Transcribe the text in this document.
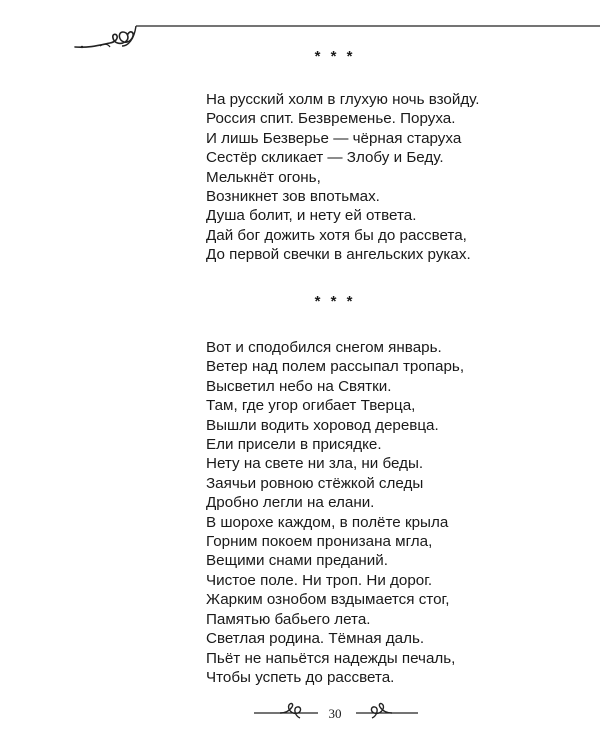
* * *
На русский холм в глухую ночь взойду.
Россия спит. Безвременье. Поруха.
И лишь Безверье — чёрная старуха
Сестёр скликает — Злобу и Беду.
Мелькнёт огонь,
Возникнет зов впотьмах.
Душа болит, и нету ей ответа.
Дай бог дожить хотя бы до рассвета,
До первой свечки в ангельских руках.
* * *
Вот и сподобился снегом январь.
Ветер над полем рассыпал тропарь,
Высветил небо на Святки.
Там, где угор огибает Тверца,
Вышли водить хоровод деревца.
Ели присели в присядке.
Нету на свете ни зла, ни беды.
Заячьи ровною стёжкой следы
Дробно легли на елани.
В шорохе каждом, в полёте крыла
Горним покоем пронизана мгла,
Вещими снами преданий.
Чистое поле. Ни троп. Ни дорог.
Жарким ознобом вздымается стог,
Памятью бабьего лета.
Светлая родина. Тёмная даль.
Пьёт не напьётся надежды печаль,
Чтобы успеть до рассвета.
30
